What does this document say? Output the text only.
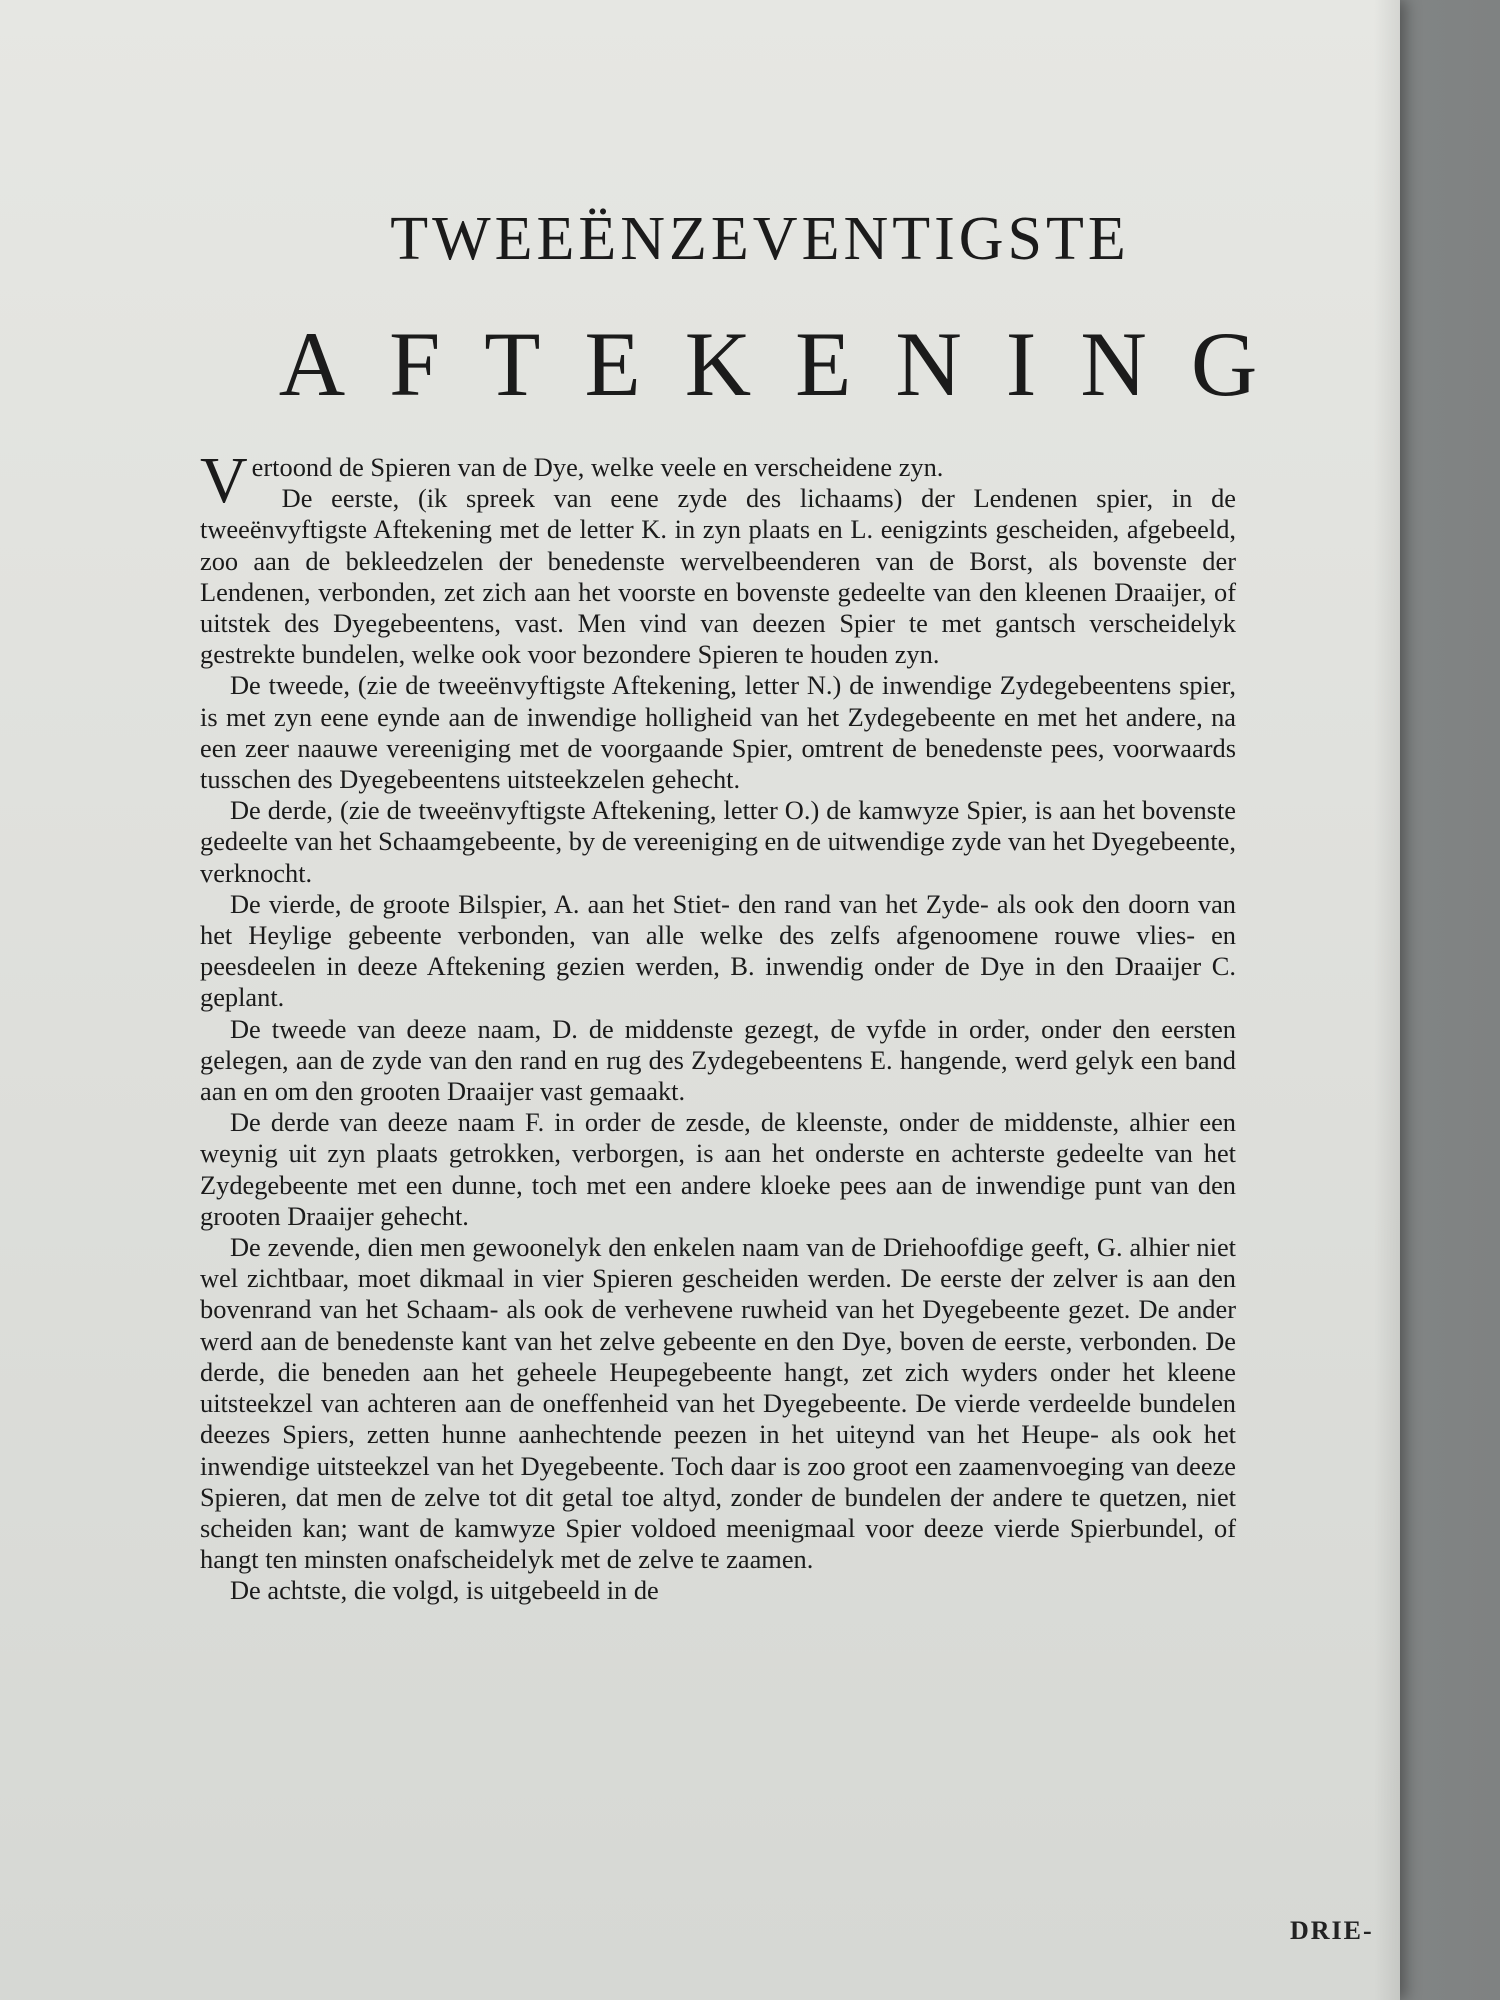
TWEEËNZEVENTIGSTE
AFTEKENING

Vertoond de Spieren van de Dye, welke veele en verscheidene zyn.

De eerste, (ik spreek van eene zyde des lichaams) der Lendenen spier, in de tweeënvyftigste Aftekening met de letter K. in zyn plaats en L. eenigzints gescheiden, afgebeeld, zoo aan de bekleedzelen der benedenste wervelbeenderen van de Borst, als bovenste der Lendenen, verbonden, zet zich aan het voorste en bovenste gedeelte van den kleenen Draaijer, of uitstek des Dyegebeentens, vast. Men vind van deezen Spier te met gantsch verscheidelyk gestrekte bundelen, welke ook voor bezondere Spieren te houden zyn.

De tweede, (zie de tweeënvyftigste Aftekening, letter N.) de inwendige Zydegebeentens spier, is met zyn eene eynde aan de inwendige holligheid van het Zydegebeente en met het andere, na een zeer naauwe vereeniging met de voorgaande Spier, omtrent de benedenste pees, voorwaards tusschen des Dyegebeentens uitsteekzelen gehecht.

De derde, (zie de tweeënvyftigste Aftekening, letter O.) de kamwyze Spier, is aan het bovenste gedeelte van het Schaamgebeente, by de vereeniging en de uitwendige zyde van het Dyegebeente, verknocht.

De vierde, de groote Bilspier, A. aan het Stiet- den rand van het Zyde- als ook den doorn van het Heylige gebeente verbonden, van alle welke des zelfs afgenoomene rouwe vlies- en peesdeelen in deeze Aftekening gezien werden, B. inwendig onder de Dye in den Draaijer C. geplant.

De tweede van deeze naam, D. de middenste gezegt, de vyfde in order, onder den eersten gelegen, aan de zyde van den rand en rug des Zydegebeentens E. hangende, werd gelyk een band aan en om den grooten Draaijer vast gemaakt.

De derde van deeze naam F. in order de zesde, de kleenste, onder de middenste, alhier een weynig uit zyn plaats getrokken, verborgen, is aan het onderste en achterste gedeelte van het Zydegebeente met een dunne, toch met een andere kloeke pees aan de inwendige punt van den grooten Draaijer gehecht.

De zevende, dien men gewoonelyk den enkelen naam van de Driehoofdige geeft, G. alhier niet wel zichtbaar, moet dikmaal in vier Spieren gescheiden werden. De eerste der zelver is aan den bovenrand van het Schaam- als ook de verhevene ruwheid van het Dyegebeente gezet. De ander werd aan de benedenste kant van het zelve gebeente en den Dye, boven de eerste, verbonden. De derde, die beneden aan het geheele Heupegebeente hangt, zet zich wyders onder het kleene uitsteekzel van achteren aan de oneffenheid van het Dyegebeente. De vierde verdeelde bundelen deezes Spiers, zetten hunne aanhechtende peezen in het uiteynd van het Heupe- als ook het inwendige uitsteekzel van het Dyegebeente. Toch daar is zoo groot een zaamenvoeging van deeze Spieren, dat men de zelve tot dit getal toe altyd, zonder de bundelen der andere te quetzen, niet scheiden kan; want de kamwyze Spier voldoed meenigmaal voor deeze vierde Spierbundel, of hangt ten minsten onafscheidelyk met de zelve te zaamen.

De achtste, die volgd, is uitgebeeld in de

DRIE-
